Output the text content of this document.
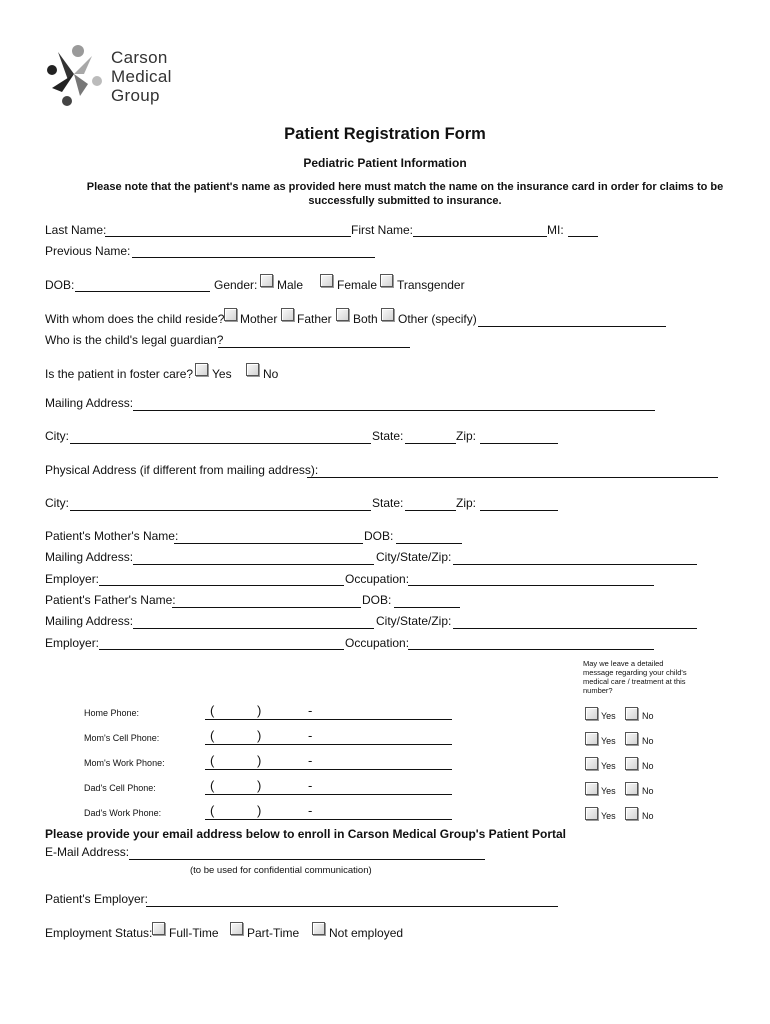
Carson
Medical
Group
Patient Registration Form
Pediatric Patient Information
Please note that the patient's name as provided here must match the name on the insurance card in order for claims to be successfully submitted to insurance.
Last Name:	First Name:	MI:
Previous Name:
DOB:	Gender: Male	Female Transgender
With whom does the child reside? Mother Father Both Other (specify)
Who is the child's legal guardian?
Is the patient in foster care? Yes	No
Mailing Address:
City:	State:	Zip:
Physical Address (if different from mailing address):
City:	State:	Zip:
Patient's Mother's Name:	DOB:
Mailing Address:	City/State/Zip:
Employer:	Occupation:
Patient's Father's Name:	DOB:
Mailing Address:	City/State/Zip:
Employer:	Occupation:
May we leave a detailed message regarding your child's medical care / treatment at this number?
Home Phone:	(	)	-	Yes	No
Mom's Cell Phone:	(	)	-	Yes	No
Mom's Work Phone:	(	)	-	Yes	No
Dad's Cell Phone:	(	)	-	Yes	No
Dad's Work Phone:	(	)	-	Yes	No
Please provide your email address below to enroll in Carson Medical Group's Patient Portal
E-Mail Address:
(to be used for confidential communication)
Patient's Employer:
Employment Status: Full-Time Part-Time Not employed
